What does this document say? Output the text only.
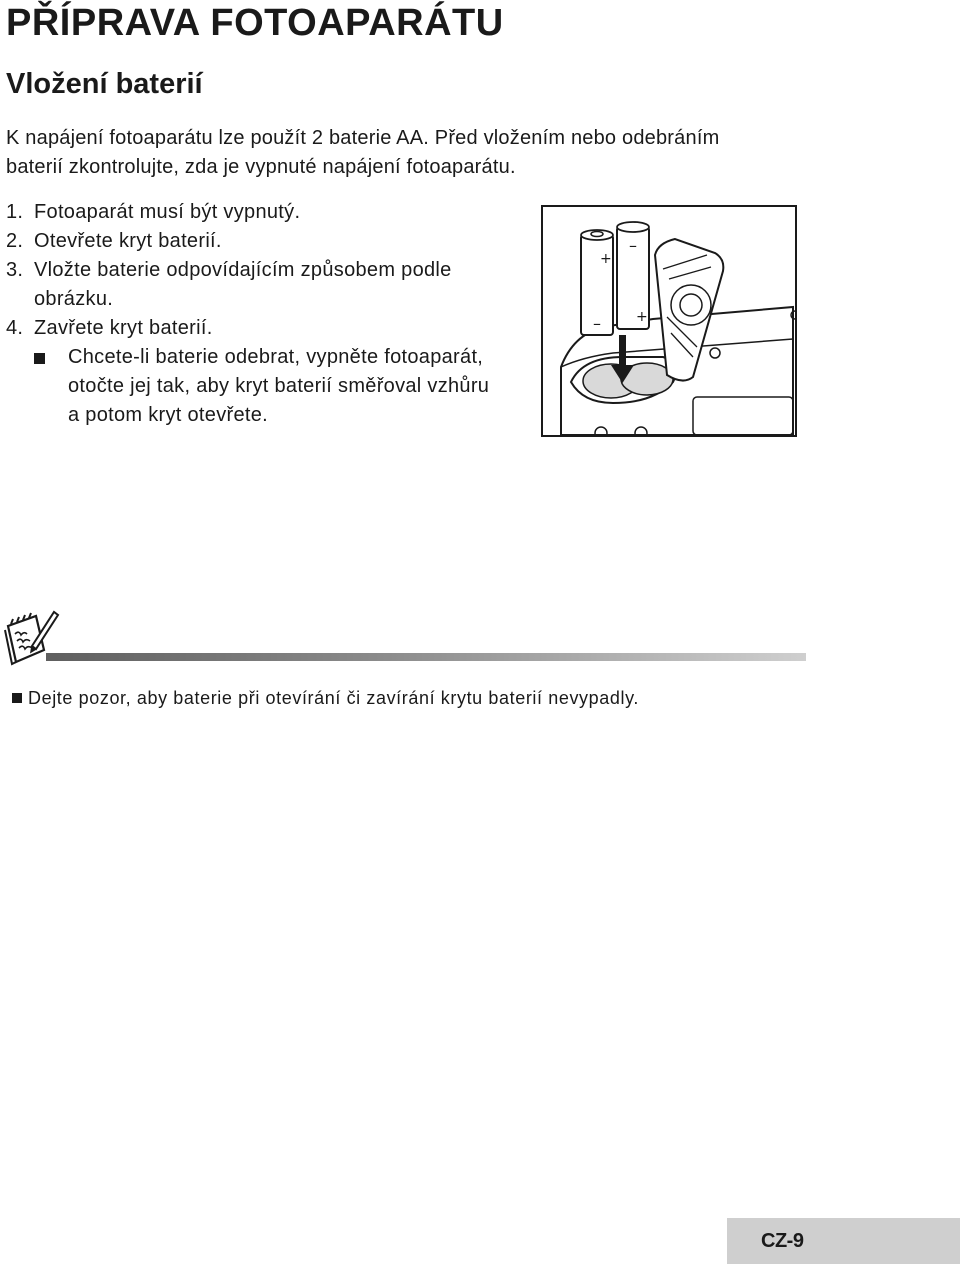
PŘÍPRAVA FOTOAPARÁTU
Vložení baterií
K napájení fotoaparátu lze použít 2 baterie AA. Před vložením nebo odebráním
baterií zkontrolujte, zda je vypnuté napájení fotoaparátu.
1. Fotoaparát musí být vypnutý.
2. Otevřete kryt baterií.
3. Vložte baterie odpovídajícím způsobem podle
obrázku.
4. Zavřete kryt baterií.
Chcete-li baterie odebrat, vypněte fotoaparát,
otočte jej tak, aby kryt baterií směřoval vzhůru
a potom kryt otevřete.
+
–
–
+
Dejte pozor, aby baterie při otevírání či zavírání krytu baterií nevypadly.
CZ-9
